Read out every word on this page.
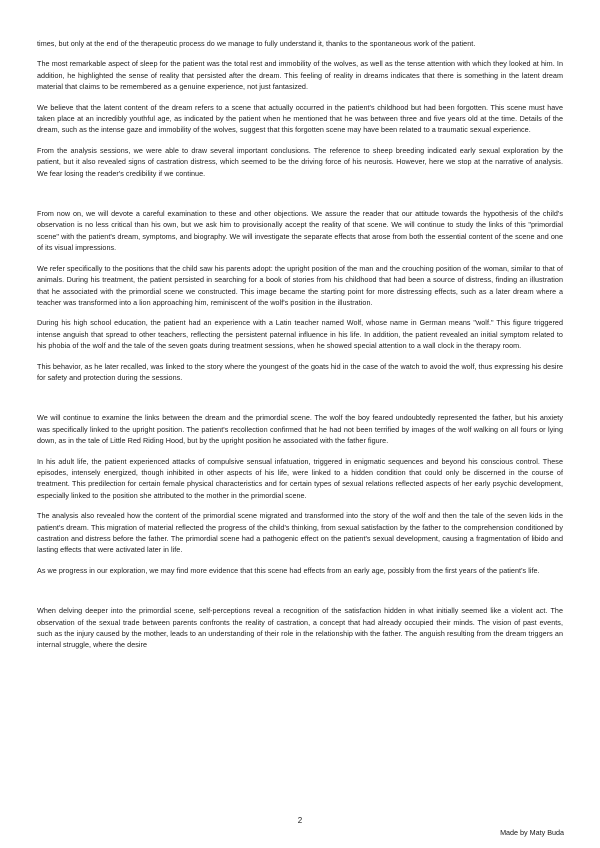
times, but only at the end of the therapeutic process do we manage to fully understand it, thanks to the spontaneous work of the patient.

The most remarkable aspect of sleep for the patient was the total rest and immobility of the wolves, as well as the tense attention with which they looked at him. In addition, he highlighted the sense of reality that persisted after the dream. This feeling of reality in dreams indicates that there is something in the latent dream material that claims to be remembered as a genuine experience, not just fantasized.

We believe that the latent content of the dream refers to a scene that actually occurred in the patient's childhood but had been forgotten. This scene must have taken place at an incredibly youthful age, as indicated by the patient when he mentioned that he was between three and five years old at the time. Details of the dream, such as the intense gaze and immobility of the wolves, suggest that this forgotten scene may have been related to a traumatic sexual experience.

From the analysis sessions, we were able to draw several important conclusions. The reference to sheep breeding indicated early sexual exploration by the patient, but it also revealed signs of castration distress, which seemed to be the driving force of his neurosis. However, here we stop at the narrative of analysis. We fear losing the reader's credibility if we continue.

From now on, we will devote a careful examination to these and other objections. We assure the reader that our attitude towards the hypothesis of the child's observation is no less critical than his own, but we ask him to provisionally accept the reality of that scene. We will continue to study the links of this "primordial scene" with the patient's dream, symptoms, and biography. We will investigate the separate effects that arose from both the essential content of the scene and one of its visual impressions.

We refer specifically to the positions that the child saw his parents adopt: the upright position of the man and the crouching position of the woman, similar to that of animals. During his treatment, the patient persisted in searching for a book of stories from his childhood that had been a source of distress, finding an illustration that he associated with the primordial scene we constructed. This image became the starting point for more distressing effects, such as a later dream where a teacher was transformed into a lion approaching him, reminiscent of the wolf's position in the illustration.

During his high school education, the patient had an experience with a Latin teacher named Wolf, whose name in German means "wolf." This figure triggered intense anguish that spread to other teachers, reflecting the persistent paternal influence in his life. In addition, the patient revealed an initial symptom related to his phobia of the wolf and the tale of the seven goats during treatment sessions, when he showed special attention to a wall clock in the therapy room.

This behavior, as he later recalled, was linked to the story where the youngest of the goats hid in the case of the watch to avoid the wolf, thus expressing his desire for safety and protection during the sessions.

We will continue to examine the links between the dream and the primordial scene. The wolf the boy feared undoubtedly represented the father, but his anxiety was specifically linked to the upright position. The patient's recollection confirmed that he had not been terrified by images of the wolf walking on all fours or lying down, as in the tale of Little Red Riding Hood, but by the upright position he associated with the father figure.

In his adult life, the patient experienced attacks of compulsive sensual infatuation, triggered in enigmatic sequences and beyond his conscious control. These episodes, intensely energized, though inhibited in other aspects of his life, were linked to a hidden condition that could only be discerned in the course of treatment. This predilection for certain female physical characteristics and for certain types of sexual relations reflected aspects of her early psychic development, especially linked to the position she attributed to the mother in the primordial scene.

The analysis also revealed how the content of the primordial scene migrated and transformed into the story of the wolf and then the tale of the seven kids in the patient's dream. This migration of material reflected the progress of the child's thinking, from sexual satisfaction by the father to the comprehension conditioned by castration and distress before the father. The primordial scene had a pathogenic effect on the patient's sexual development, causing a fragmentation of libido and lasting effects that were activated later in life.

As we progress in our exploration, we may find more evidence that this scene had effects from an early age, possibly from the first years of the patient's life.

When delving deeper into the primordial scene, self-perceptions reveal a recognition of the satisfaction hidden in what initially seemed like a violent act. The observation of the sexual trade between parents confronts the reality of castration, a concept that had already occupied their minds. The vision of past events, such as the injury caused by the mother, leads to an understanding of their role in the relationship with the father. The anguish resulting from the dream triggers an internal struggle, where the desire

2
Made by Maty Buda
